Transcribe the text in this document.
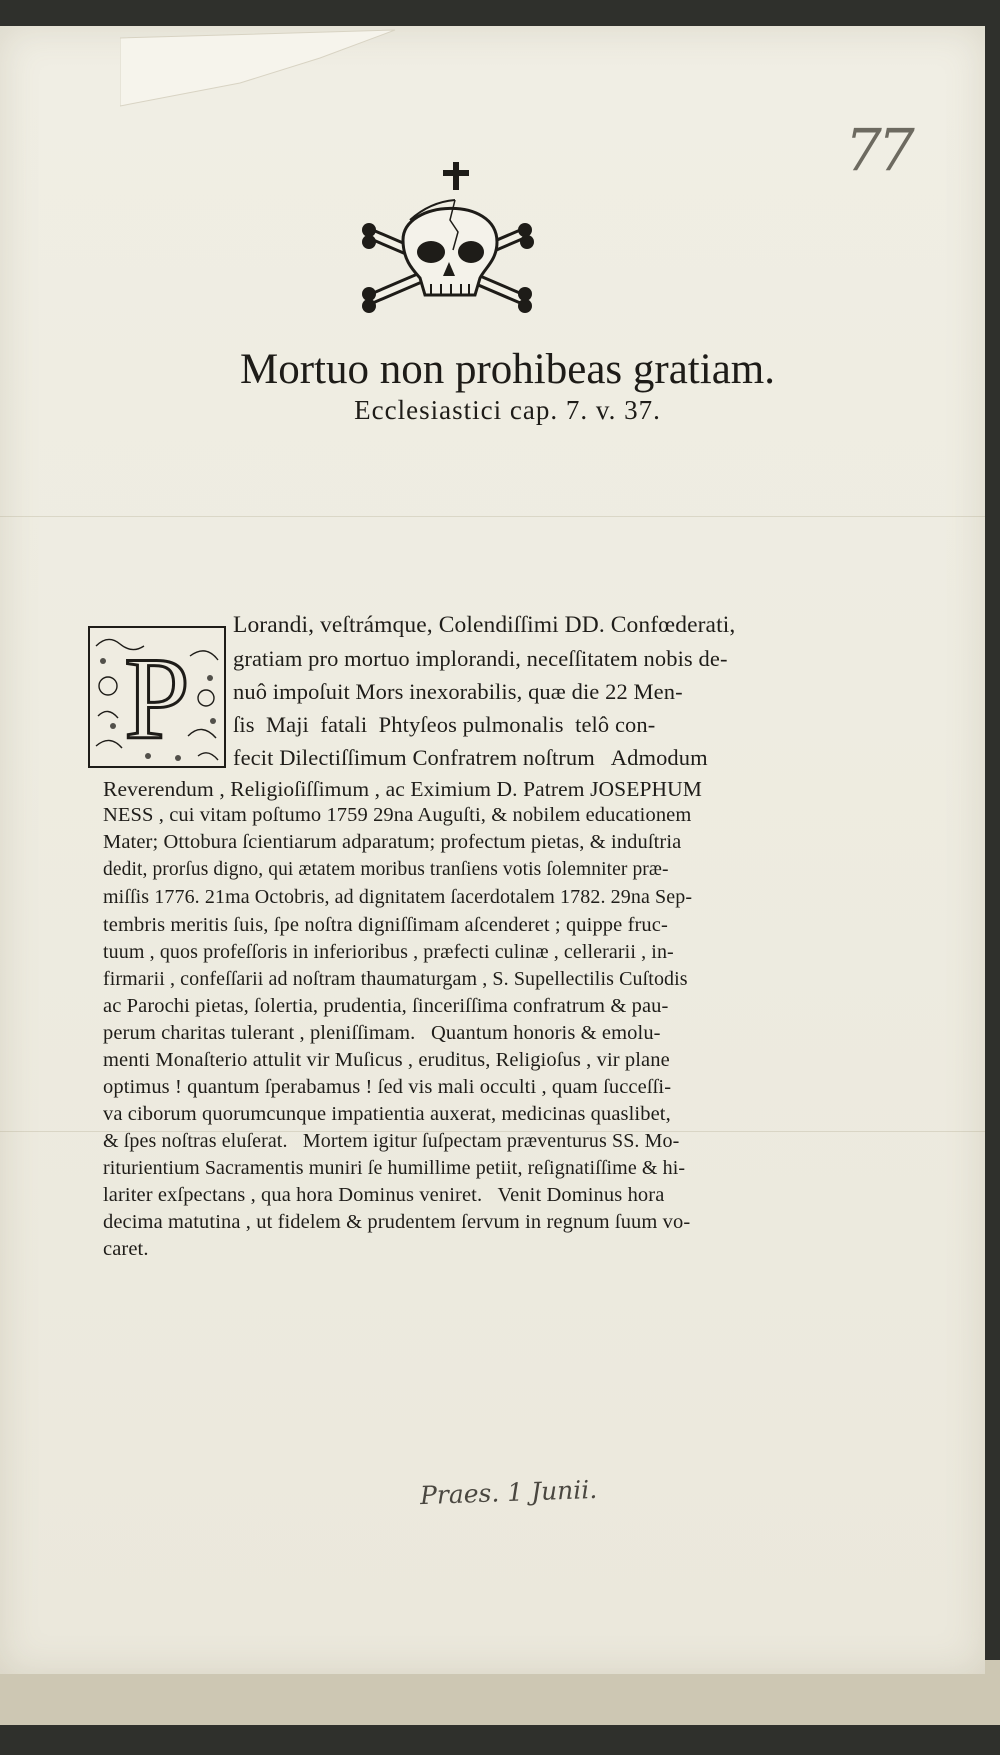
77
Mortuo non prohibeas gratiam.
Ecclesiastici cap. 7. v. 37.
P
Lorandi, veſtrámque, Colendiſſimi DD. Confœderati,
gratiam pro mortuo implorandi, neceſſitatem nobis de-
nuô impoſuit Mors inexorabilis, quæ die 22 Men-
ſis  Maji  fatali  Phtyſeos pulmonalis  telô con-
fecit Dilectiſſimum Confratrem noſtrum   Admodum
Reverendum , Religioſiſſimum , ac Eximium D. Patrem JOSEPHUM
NESS , cui vitam poſtumo 1759 29na Auguſti, & nobilem educationem
Mater; Ottobura ſcientiarum adparatum; profectum pietas, & induſtria
dedit, prorſus digno, qui ætatem moribus tranſiens votis ſolemniter præ-
miſſis 1776. 21ma Octobris, ad dignitatem ſacerdotalem 1782. 29na Sep-
tembris meritis ſuis, ſpe noſtra digniſſimam aſcenderet ; quippe fruc-
tuum , quos profeſſoris in inferioribus , præfecti culinæ , cellerarii , in-
firmarii , confeſſarii ad noſtram thaumaturgam , S. Supellectilis Cuſtodis
ac Parochi pietas, ſolertia, prudentia, ſinceriſſima confratrum & pau-
perum charitas tulerant , pleniſſimam.   Quantum honoris & emolu-
menti Monaſterio attulit vir Muſicus , eruditus, Religioſus , vir plane
optimus ! quantum ſperabamus ! ſed vis mali occulti , quam ſucceſſi-
va ciborum quorumcunque impatientia auxerat, medicinas quaslibet,
& ſpes noſtras eluſerat.   Mortem igitur ſuſpectam præventurus SS. Mo-
riturientium Sacramentis muniri ſe humillime petiit, reſignatiſſime & hi-
lariter exſpectans , qua hora Dominus veniret.   Venit Dominus hora
decima matutina , ut fidelem & prudentem ſervum in regnum ſuum vo-
caret.
Praes. 1 Junii.
